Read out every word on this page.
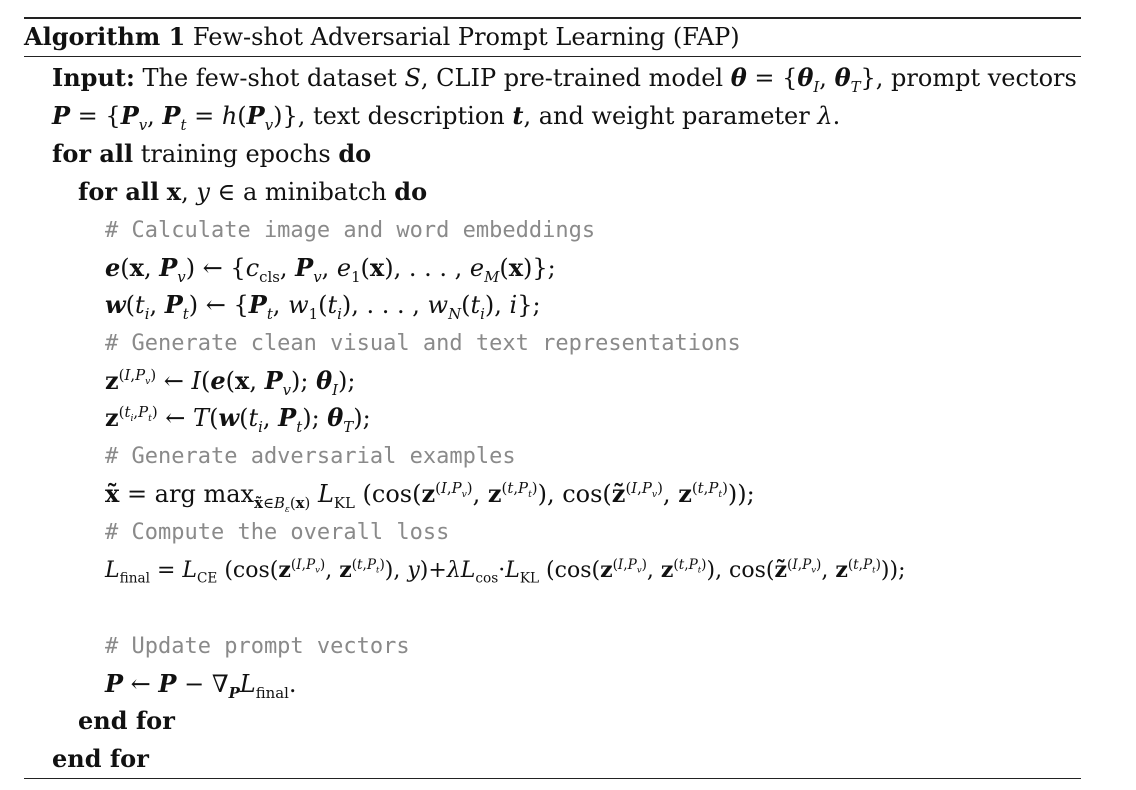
Algorithm 1 Few-shot Adversarial Prompt Learning (FAP)
Input: The few-shot dataset S, CLIP pre-trained model $\theta = \{\theta_I$, $\theta_T$}, prompt vectors
$P = \{P_v$, $P_t = h(P_v)$}, text description t, and weight parameter λ.
for all training epochs do
for all x, y ∈ a minibatch do
# Calculate image and word embeddings
e(x, $P_v$) ← {$c_{cls}$, $P_v$, $e_1(x)$, . . . , $e_M(x)$};
$w(t_i$, $P_t$) ← {$P_t$, $w_1(t_i)$, . . . , $w_N(t_i)$, i};
# Generate clean visual and text representations
$z^{(I,P_v)}$ ← I(e(x, $P_v$); $\theta_I$);
$z^{(t_i,P_t)}$ ← $T(w(t_i$, $P_t$); $\theta_T$);
# Generate adversarial examples
x̃ = arg $\max_{x̃\in B_\varepsilon(x)} L_{KL}$ ($\cos(z^{(I,P_v)}$, $z^{(t,P_t)}$), cos(z̃$^{(I,P_v)}$, $z^{(t,P_t)}$));
# Compute the overall loss
$L_{final} = L_{CE}$ ($\cos(z^{(I,P_v)}$, $z^{(t,P_t)}$), $y)+\lambda L_{cos}\cdot L_{KL}$ ($\cos(z^{(I,P_v)}$, $z^{(t,P_t)}$), cos(z̃$^{(I,P_v)}$, $z^{(t,P_t)}$));
# Update prompt vectors
P ← $P - \nabla_PL_{final}$.
end for
end for
